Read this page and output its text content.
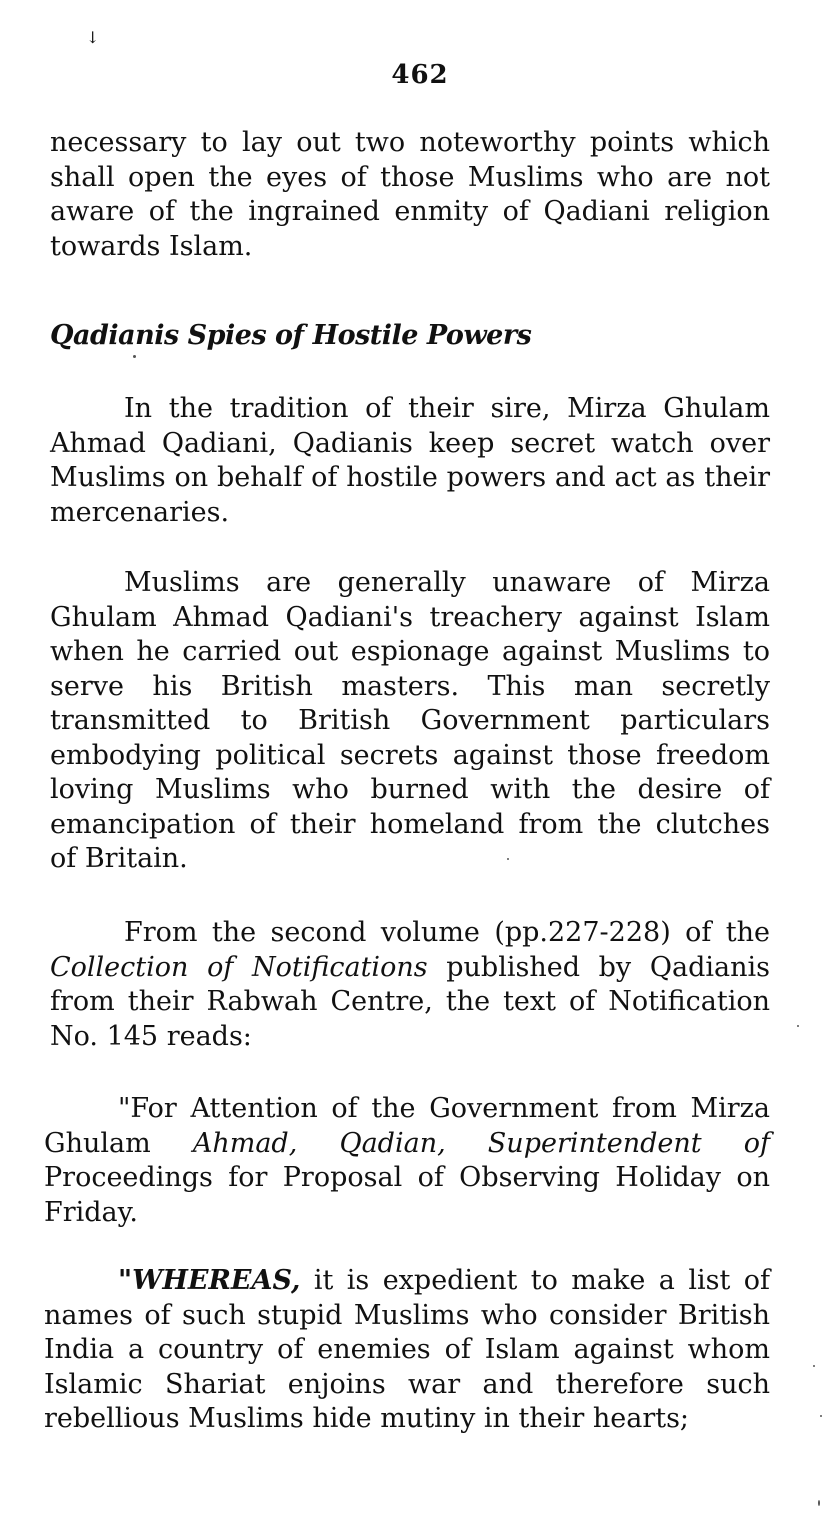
↓
462

necessary to lay out two noteworthy points which shall open the eyes of those Muslims who are not aware of the ingrained enmity of Qadiani religion towards Islam.

Qadianis Spies of Hostile Powers

In the tradition of their sire, Mirza Ghulam Ahmad Qadiani, Qadianis keep secret watch over Muslims on behalf of hostile powers and act as their mercenaries.

Muslims are generally unaware of Mirza Ghulam Ahmad Qadiani's treachery against Islam when he carried out espionage against Muslims to serve his British masters. This man secretly transmitted to British Government particulars embodying political secrets against those freedom loving Muslims who burned with the desire of emancipation of their homeland from the clutches of Britain.

From the second volume (pp.227-228) of the Collection of Notifications published by Qadianis from their Rabwah Centre, the text of Notification No. 145 reads:

"For Attention of the Government from Mirza Ghulam Ahmad, Qadian, Superintendent of Proceedings for Proposal of Observing Holiday on Friday.

"WHEREAS, it is expedient to make a list of names of such stupid Muslims who consider British India a country of enemies of Islam against whom Islamic Shariat enjoins war and therefore such rebellious Muslims hide mutiny in their hearts;
